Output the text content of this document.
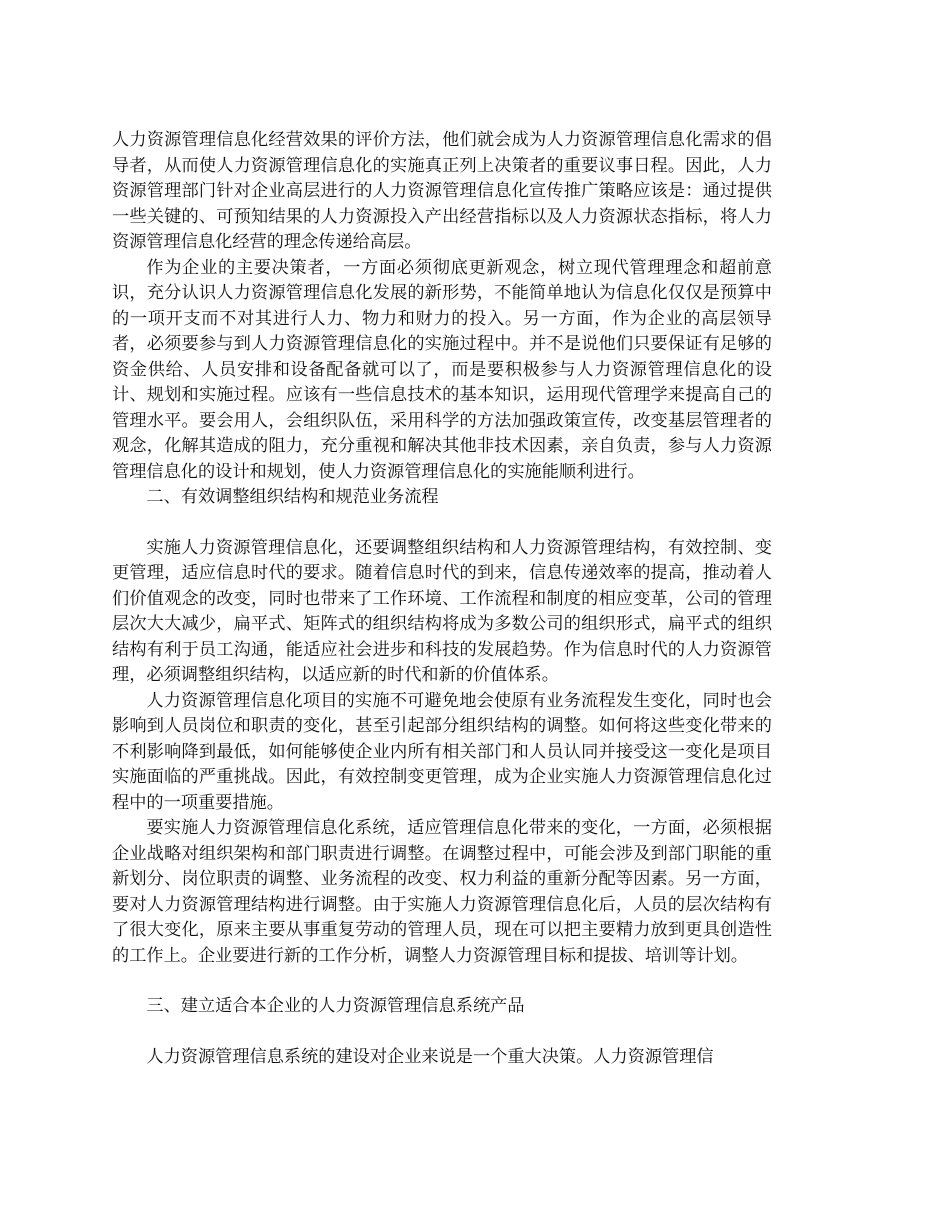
人力资源管理信息化经营效果的评价方法，他们就会成为人力资源管理信息化需求的倡导者，从而使人力资源管理信息化的实施真正列上决策者的重要议事日程。因此，人力资源管理部门针对企业高层进行的人力资源管理信息化宣传推广策略应该是：通过提供一些关键的、可预知结果的人力资源投入产出经营指标以及人力资源状态指标，将人力资源管理信息化经营的理念传递给高层。

作为企业的主要决策者，一方面必须彻底更新观念，树立现代管理理念和超前意识，充分认识人力资源管理信息化发展的新形势，不能简单地认为信息化仅仅是预算中的一项开支而不对其进行人力、物力和财力的投入。另一方面，作为企业的高层领导者，必须要参与到人力资源管理信息化的实施过程中。并不是说他们只要保证有足够的资金供给、人员安排和设备配备就可以了，而是要积极参与人力资源管理信息化的设计、规划和实施过程。应该有一些信息技术的基本知识，运用现代管理学来提高自己的管理水平。要会用人，会组织队伍，采用科学的方法加强政策宣传，改变基层管理者的观念，化解其造成的阻力，充分重视和解决其他非技术因素，亲自负责，参与人力资源管理信息化的设计和规划，使人力资源管理信息化的实施能顺利进行。

二、有效调整组织结构和规范业务流程

实施人力资源管理信息化，还要调整组织结构和人力资源管理结构，有效控制、变更管理，适应信息时代的要求。随着信息时代的到来，信息传递效率的提高，推动着人们价值观念的改变，同时也带来了工作环境、工作流程和制度的相应变革，公司的管理层次大大减少，扁平式、矩阵式的组织结构将成为多数公司的组织形式，扁平式的组织结构有利于员工沟通，能适应社会进步和科技的发展趋势。作为信息时代的人力资源管理，必须调整组织结构，以适应新的时代和新的价值体系。

人力资源管理信息化项目的实施不可避免地会使原有业务流程发生变化，同时也会影响到人员岗位和职责的变化，甚至引起部分组织结构的调整。如何将这些变化带来的不利影响降到最低，如何能够使企业内所有相关部门和人员认同并接受这一变化是项目实施面临的严重挑战。因此，有效控制变更管理，成为企业实施人力资源管理信息化过程中的一项重要措施。

要实施人力资源管理信息化系统，适应管理信息化带来的变化，一方面，必须根据企业战略对组织架构和部门职责进行调整。在调整过程中，可能会涉及到部门职能的重新划分、岗位职责的调整、业务流程的改变、权力利益的重新分配等因素。另一方面，要对人力资源管理结构进行调整。由于实施人力资源管理信息化后，人员的层次结构有了很大变化，原来主要从事重复劳动的管理人员，现在可以把主要精力放到更具创造性的工作上。企业要进行新的工作分析，调整人力资源管理目标和提拔、培训等计划。

三、建立适合本企业的人力资源管理信息系统产品

人力资源管理信息系统的建设对企业来说是一个重大决策。人力资源管理信
